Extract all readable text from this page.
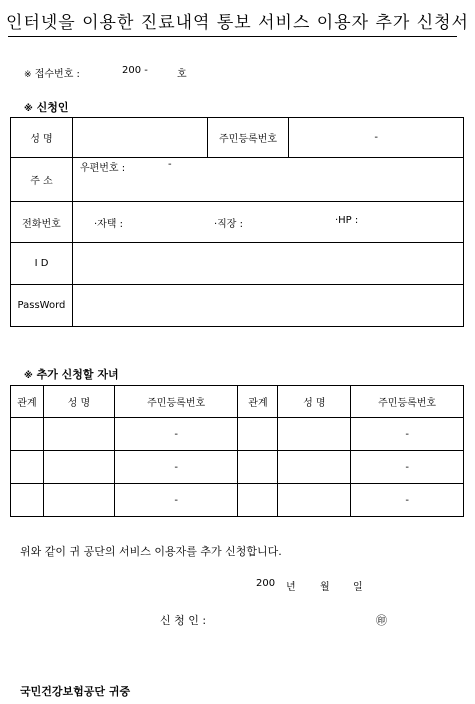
인터넷을 이용한 진료내역 통보 서비스 이용자 추가 신청서
※ 접수번호 :	200 -	호
※ 신청인
성 명		주민등록번호	-
주 소	우편번호 : -		

전화번호	·자택 : ·직장 : ·HP :		

I D			
PassWord			
※ 추가 신청할 자녀
관계	성 명	주민등록번호	관계	성 명	주민등록번호
		-			-
		-			-
		-			-
위와 같이 귀 공단의 서비스 이용자를 추가 신청합니다.
200 년 월 일
신 청 인 :	㊞
국민건강보험공단 귀중
